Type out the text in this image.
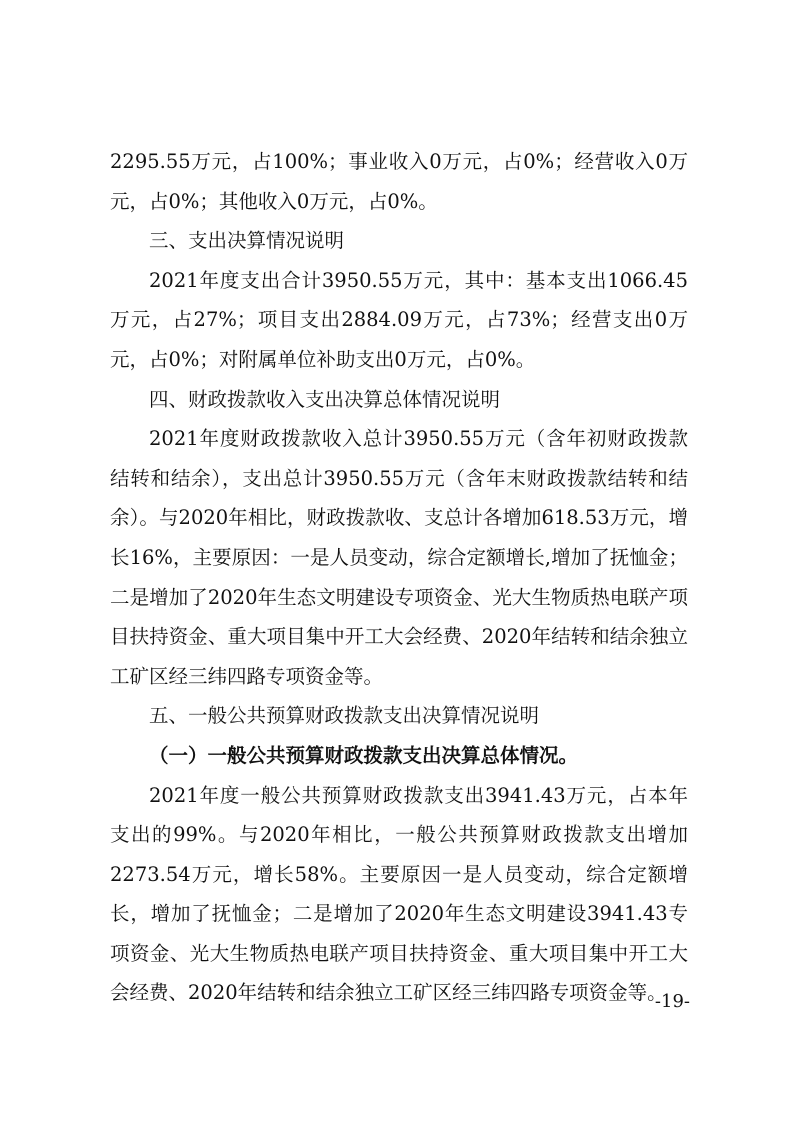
2295.55万元，占100%；事业收入0万元，占0%；经营收入0万元，占0%；其他收入0万元，占0%。

三、支出决算情况说明

2021年度支出合计3950.55万元，其中：基本支出1066.45万元，占27%；项目支出2884.09万元，占73%；经营支出0万元，占0%；对附属单位补助支出0万元，占0%。

四、财政拨款收入支出决算总体情况说明

2021年度财政拨款收入总计3950.55万元（含年初财政拨款结转和结余），支出总计3950.55万元（含年末财政拨款结转和结余）。与2020年相比，财政拨款收、支总计各增加618.53万元，增长16%，主要原因：一是人员变动，综合定额增长,增加了抚恤金；二是增加了2020年生态文明建设专项资金、光大生物质热电联产项目扶持资金、重大项目集中开工大会经费、2020年结转和结余独立工矿区经三纬四路专项资金等。

五、一般公共预算财政拨款支出决算情况说明

（一）一般公共预算财政拨款支出决算总体情况。

2021年度一般公共预算财政拨款支出3941.43万元，占本年支出的99%。与2020年相比，一般公共预算财政拨款支出增加2273.54万元，增长58%。主要原因一是人员变动，综合定额增长，增加了抚恤金；二是增加了2020年生态文明建设3941.43专项资金、光大生物质热电联产项目扶持资金、重大项目集中开工大会经费、2020年结转和结余独立工矿区经三纬四路专项资金等。

-19-
